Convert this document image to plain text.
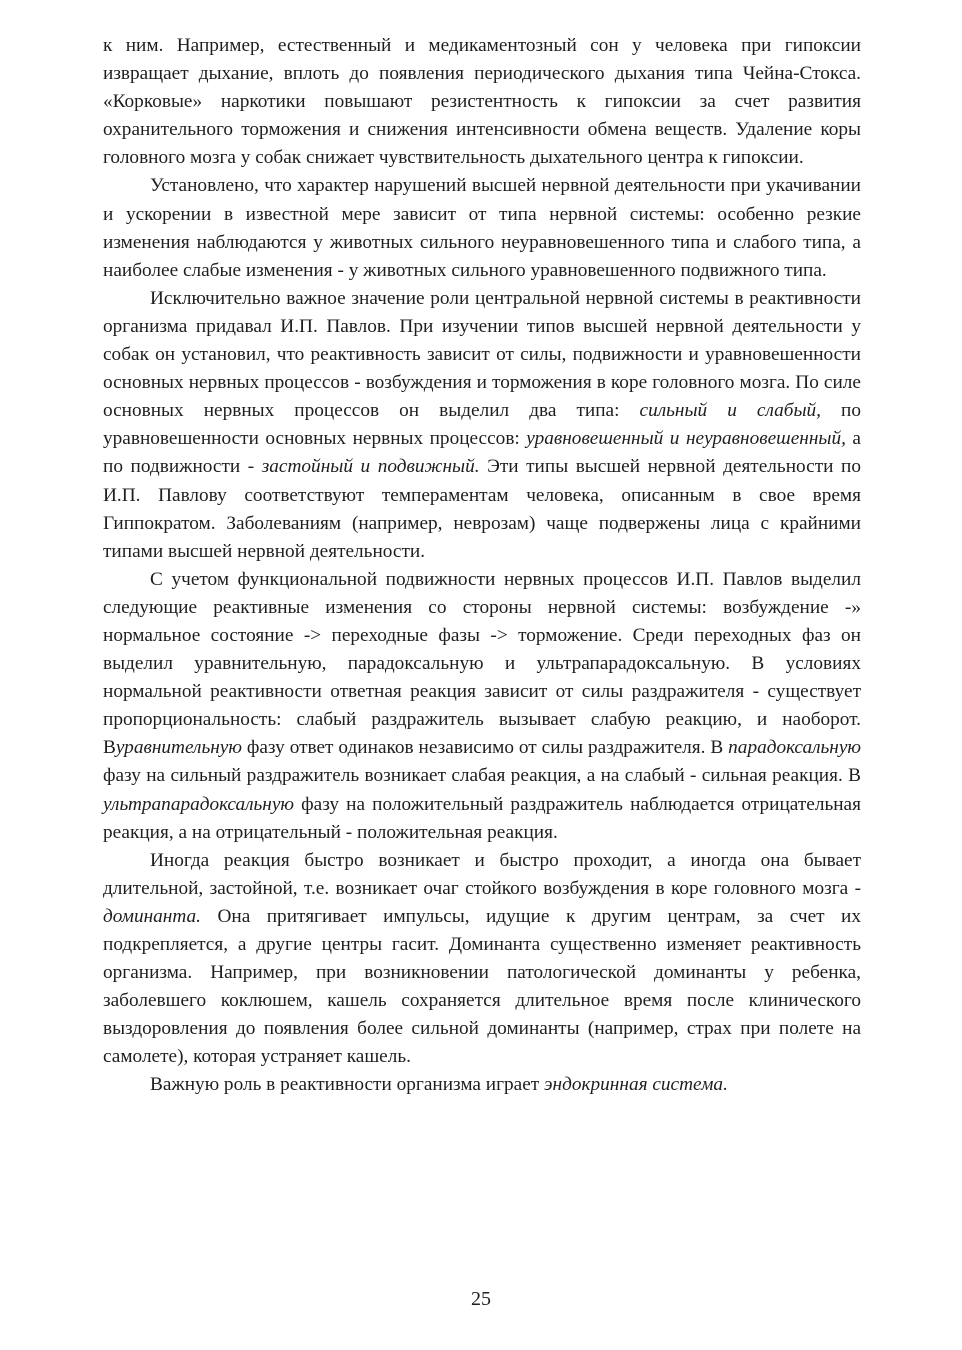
к ним. Например, естественный и медикаментозный сон у человека при гипоксии извращает дыхание, вплоть до появления периодического дыхания типа Чейна-Стокса. «Корковые» наркотики повышают резистентность к гипоксии за счет развития охранительного торможения и снижения интенсивности обмена веществ. Удаление коры головного мозга у собак снижает чувствительность дыхательного центра к гипоксии.

Установлено, что характер нарушений высшей нервной деятельности при укачивании и ускорении в известной мере зависит от типа нервной системы: особенно резкие изменения наблюдаются у животных сильного неуравновешенного типа и слабого типа, а наиболее слабые изменения - у животных сильного уравновешенного подвижного типа.

Исключительно важное значение роли центральной нервной системы в реактивности организма придавал И.П. Павлов. При изучении типов высшей нервной деятельности у собак он установил, что реактивность зависит от силы, подвижности и уравновешенности основных нервных процессов - возбуждения и торможения в коре головного мозга. По силе основных нервных процессов он выделил два типа: сильный и слабый, по уравновешенности основных нервных процессов: уравновешенный и неуравновешенный, а по подвижности - застойный и подвижный. Эти типы высшей нервной деятельности по И.П. Павлову соответствуют темпераментам человека, описанным в свое время Гиппократом. Заболеваниям (например, неврозам) чаще подвержены лица с крайними типами высшей нервной деятельности.

С учетом функциональной подвижности нервных процессов И.П. Павлов выделил следующие реактивные изменения со стороны нервной системы: возбуждение -» нормальное состояние -> переходные фазы -> торможение. Среди переходных фаз он выделил уравнительную, парадоксальную и ультрапарадоксальную. В условиях нормальной реактивности ответная реакция зависит от силы раздражителя - существует пропорциональность: слабый раздражитель вызывает слабую реакцию, и наоборот. Вуравнительную фазу ответ одинаков независимо от силы раздражителя. В парадоксальную фазу на сильный раздражитель возникает слабая реакция, а на слабый - сильная реакция. В ультрапарадоксальную фазу на положительный раздражитель наблюдается отрицательная реакция, а на отрицательный - положительная реакция.

Иногда реакция быстро возникает и быстро проходит, а иногда она бывает длительной, застойной, т.е. возникает очаг стойкого возбуждения в коре головного мозга - доминанта. Она притягивает импульсы, идущие к другим центрам, за счет их подкрепляется, а другие центры гасит. Доминанта существенно изменяет реактивность организма. Например, при возникновении патологической доминанты у ребенка, заболевшего коклюшем, кашель сохраняется длительное время после клинического выздоровления до появления более сильной доминанты (например, страх при полете на самолете), которая устраняет кашель.

Важную роль в реактивности организма играет эндокринная система.

25
